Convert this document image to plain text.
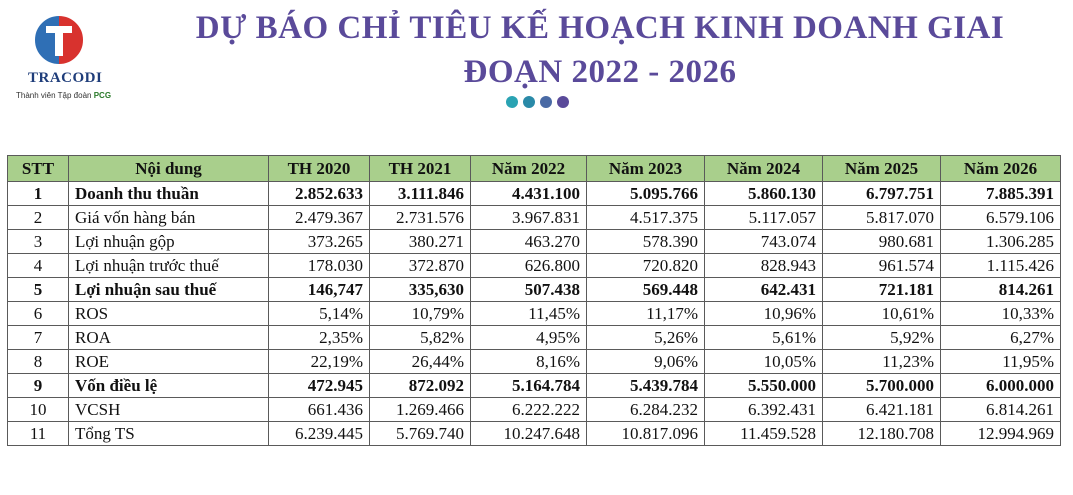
TRACODI
Thành viên Tập đoàn PCG
DỰ BÁO CHỈ TIÊU KẾ HOẠCH KINH DOANH GIAI
ĐOẠN 2022 - 2026
STT	Nội dung	TH 2020	TH 2021	Năm 2022	Năm 2023	Năm 2024	Năm 2025	Năm 2026
1	Doanh thu thuần	2.852.633	3.111.846	4.431.100	5.095.766	5.860.130	6.797.751	7.885.391
2	Giá vốn hàng bán	2.479.367	2.731.576	3.967.831	4.517.375	5.117.057	5.817.070	6.579.106
3	Lợi nhuận gộp	373.265	380.271	463.270	578.390	743.074	980.681	1.306.285
4	Lợi nhuận trước thuế	178.030	372.870	626.800	720.820	828.943	961.574	1.115.426
5	Lợi nhuận sau thuế	146,747	335,630	507.438	569.448	642.431	721.181	814.261
6	ROS	5,14%	10,79%	11,45%	11,17%	10,96%	10,61%	10,33%
7	ROA	2,35%	5,82%	4,95%	5,26%	5,61%	5,92%	6,27%
8	ROE	22,19%	26,44%	8,16%	9,06%	10,05%	11,23%	11,95%
9	Vốn điều lệ	472.945	872.092	5.164.784	5.439.784	5.550.000	5.700.000	6.000.000
10	VCSH	661.436	1.269.466	6.222.222	6.284.232	6.392.431	6.421.181	6.814.261
11	Tổng TS	6.239.445	5.769.740	10.247.648	10.817.096	11.459.528	12.180.708	12.994.969
